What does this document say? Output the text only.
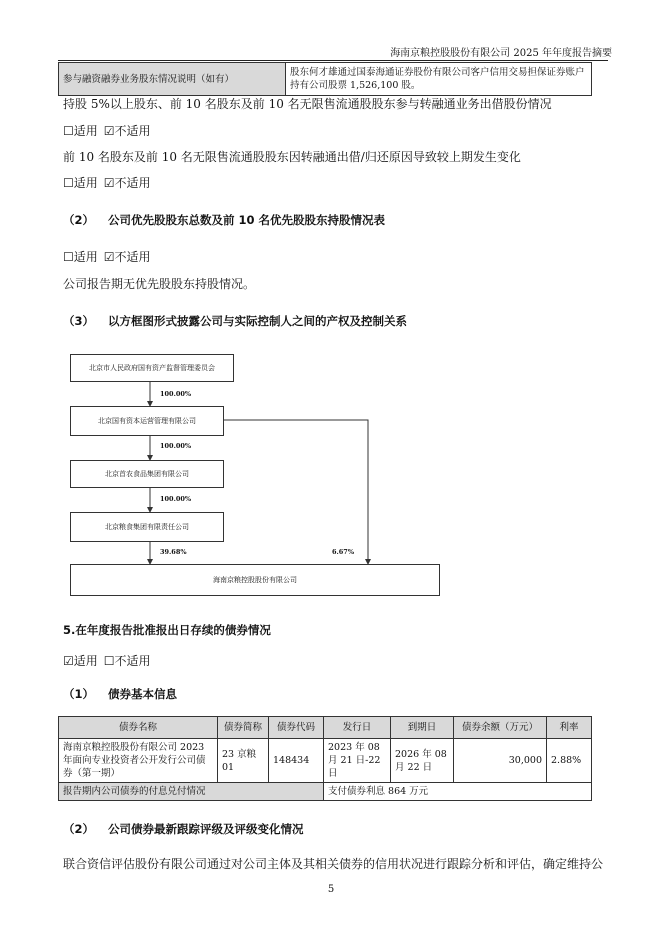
海南京粮控股股份有限公司 2025 年年度报告摘要
参与融资融券业务股东情况说明（如有）	股东何才雄通过国泰海通证券股份有限公司客户信用交易担保证券账户持有公司股票 1,526,100 股。
持股 5%以上股东、前 10 名股东及前 10 名无限售流通股股东参与转融通业务出借股份情况
☐适用 ☑不适用
前 10 名股东及前 10 名无限售流通股股东因转融通出借/归还原因导致较上期发生变化
☐适用 ☑不适用
（2） 公司优先股股东总数及前 10 名优先股股东持股情况表
☐适用 ☑不适用
公司报告期无优先股股东持股情况。
（3） 以方框图形式披露公司与实际控制人之间的产权及控制关系
北京市人民政府国有资产监督管理委员会
100.00%
北京国有资本运营管理有限公司
100.00%
北京首农食品集团有限公司
100.00%
北京粮食集团有限责任公司
39.68%	6.67%
海南京粮控股股份有限公司
5.在年度报告批准报出日存续的债券情况
☑适用 ☐不适用
（1） 债券基本信息
债券名称	债券简称	债券代码	发行日	到期日	债券余额（万元）	利率
海南京粮控股股份有限公司 2023 年面向专业投资者公开发行公司债券（第一期）	23 京粮 01	148434	2023 年 08 月 21 日-22 日	2026 年 08 月 22 日	30,000	2.88%
报告期内公司债券的付息兑付情况			支付债券利息 864 万元			
（2） 公司债券最新跟踪评级及评级变化情况
联合资信评估股份有限公司通过对公司主体及其相关债券的信用状况进行跟踪分析和评估，确定维持公
5
